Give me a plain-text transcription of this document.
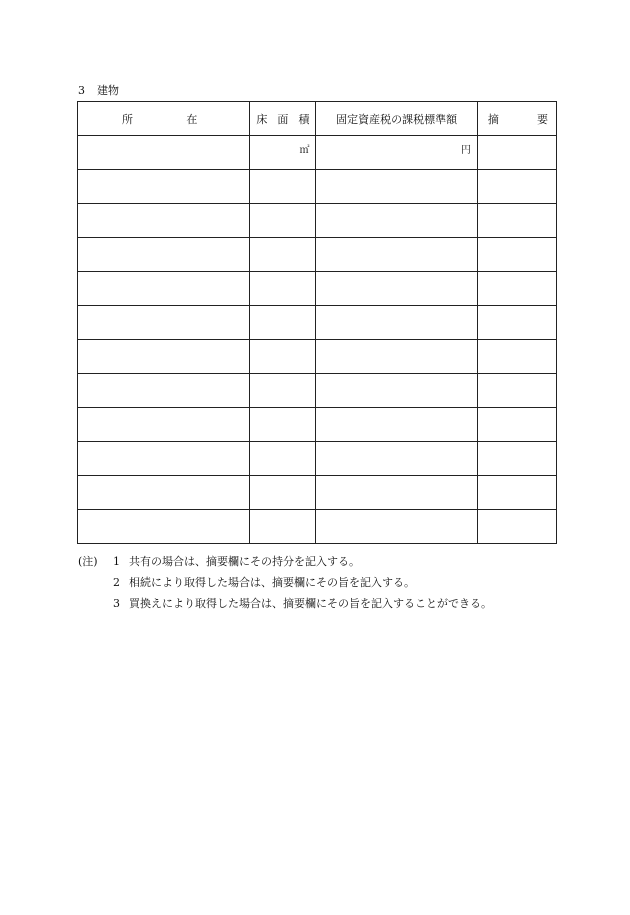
3 建物
所 在	床 面 積	固定資産税の課税標準額	摘 要

	㎡	円	

(注) 1 共有の場合は、摘要欄にその持分を記入する。
2 相続により取得した場合は、摘要欄にその旨を記入する。
3 買換えにより取得した場合は、摘要欄にその旨を記入することができる。
